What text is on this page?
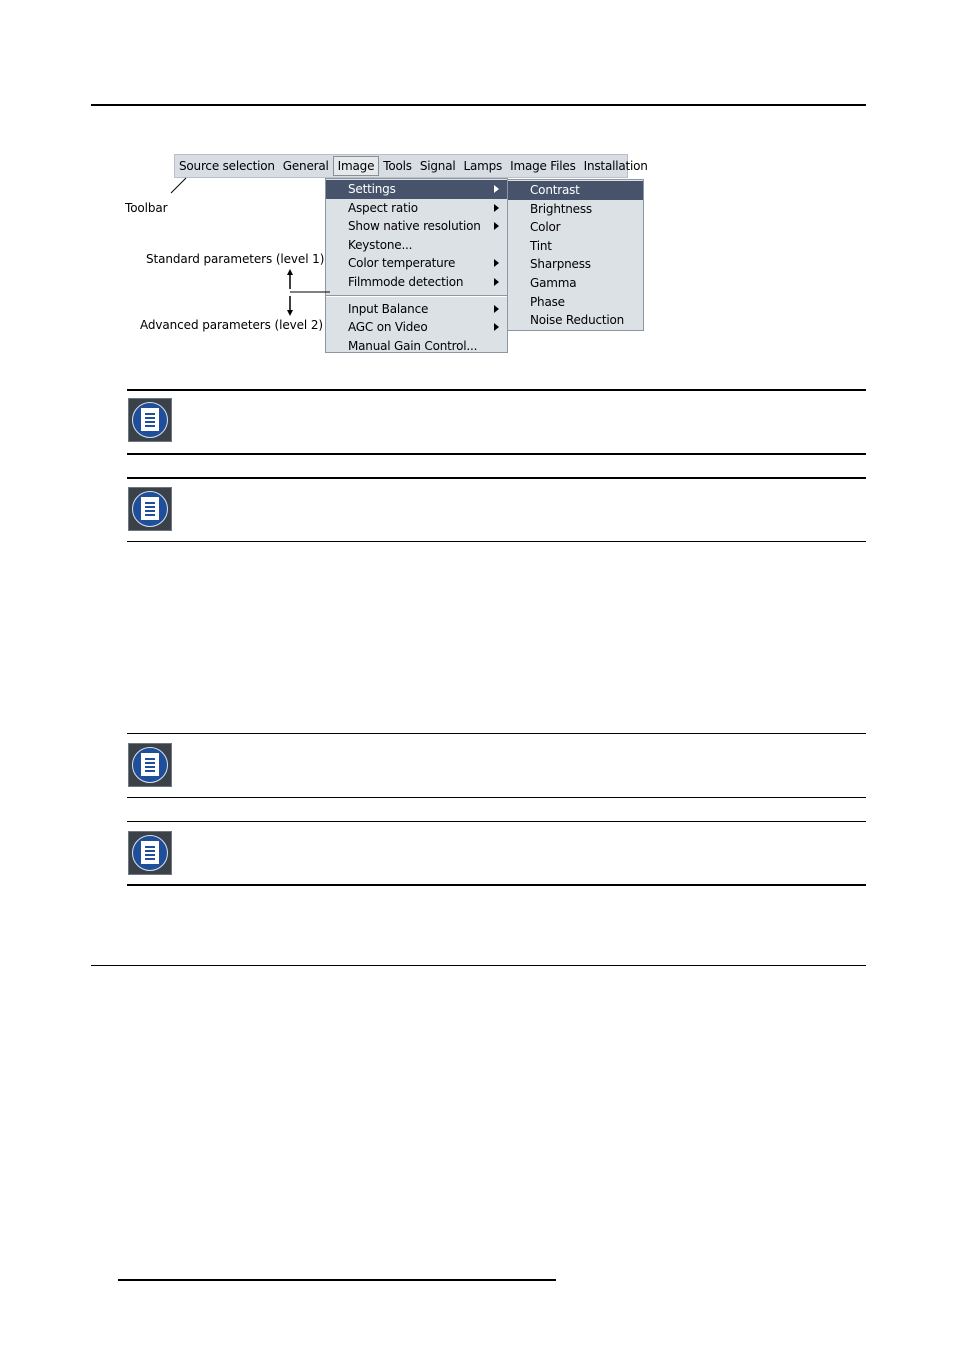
Source selection General Image Tools Signal Lamps Image Files Installation
Settings
Aspect ratio
Show native resolution
Keystone...
Color temperature
Filmmode detection
Input Balance
AGC on Video
Manual Gain Control...
Contrast
Brightness
Color
Tint
Sharpness
Gamma
Phase
Noise Reduction
Toolbar
Standard parameters (level 1)
Advanced parameters (level 2)
